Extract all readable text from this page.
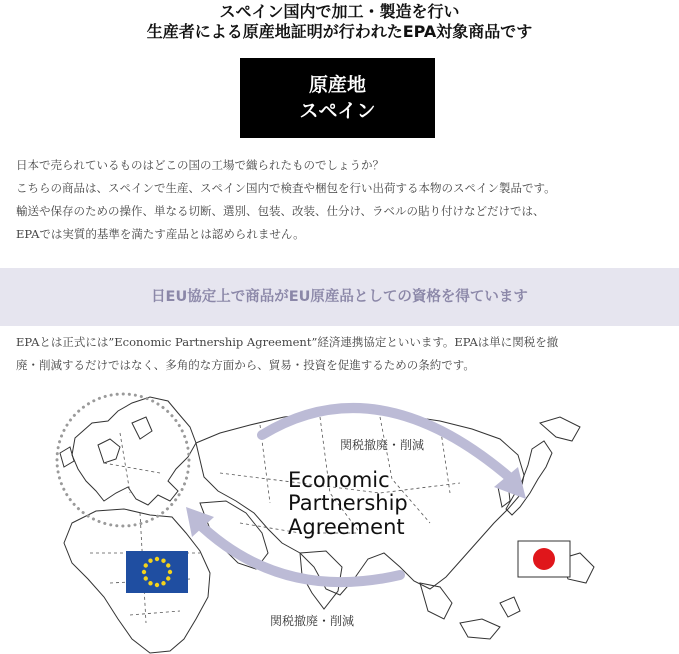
スペイン国内で加工・製造を行い
生産者による原産地証明が行われたEPA対象商品です
原産地
スペイン
日本で売られているものはどこの国の工場で織られたものでしょうか？
こちらの商品は、スペインで生産、スペイン国内で検査や梱包を行い出荷する本物のスペイン製品です。
輸送や保存のための操作、単なる切断、選別、包装、改装、仕分け、ラベルの貼り付けなどだけでは、
EPAでは実質的基準を満たす産品とは認められません。
日EU協定上で商品がEU原産品としての資格を得ています
EPAとは正式には”Economic Partnership Agreement”経済連携協定といいます。EPAは単に関税を撤
廃・削減するだけではなく、多角的な方面から、貿易・投資を促進するための条約です。
関税撤廃・削減
関税撤廃・削減
Economic
Partnership
Agreement
